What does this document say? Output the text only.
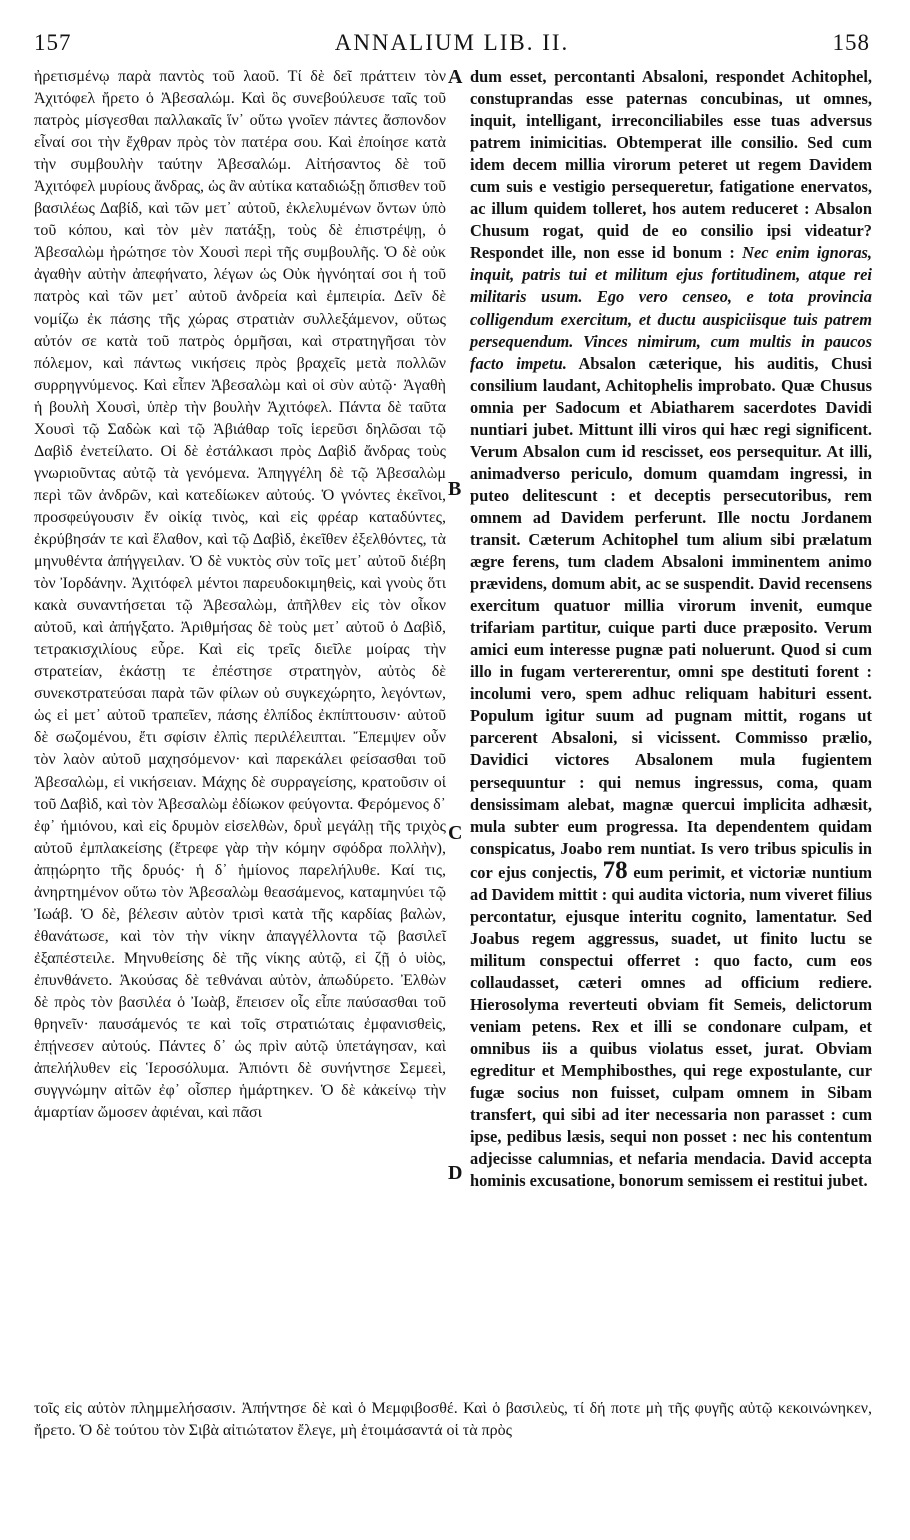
157	ANNALIUM LIB. II.	158

ἠρετισμένῳ παρὰ παντὸς τοῦ λαοῦ. Τί δὲ δεῖ πράττειν τὸν Ἀχιτόφελ ἤρετο ὁ Ἀβεσαλώμ. Καὶ ὃς συνεβούλευσε ταῖς τοῦ πατρὸς μίσγεσθαι παλλακαῖς ἵν᾽ οὕτω γνοῖεν πάντες ἄσπονδον εἶναί σοι τὴν ἔχθραν πρὸς τὸν πατέρα σου. Καὶ ἐποίησε κατὰ τὴν συμβουλὴν ταύτην Ἀβεσαλώμ. Αἰτήσαντος δὲ τοῦ Ἀχιτόφελ μυρίους ἄνδρας, ὡς ἂν αὐτίκα καταδιώξῃ ὄπισθεν τοῦ βασιλέως Δαβίδ, καὶ τῶν μετ᾽ αὐτοῦ, ἐκλελυμένων ὄντων ὑπὸ τοῦ κόπου, καὶ τὸν μὲν πατάξῃ, τοὺς δὲ ἐπιστρέψῃ, ὁ Ἀβεσαλὼμ ἠρώτησε τὸν Χουσὶ περὶ τῆς συμβουλῆς. Ὁ δὲ οὐκ ἀγαθὴν αὐτὴν ἀπεφήνατο, λέγων ὡς Οὐκ ἠγνόηταί σοι ἡ τοῦ πατρὸς καὶ τῶν μετ᾽ αὐτοῦ ἀνδρεία καὶ ἐμπειρία. Δεῖν δὲ νομίζω ἐκ πάσης τῆς χώρας στρατιὰν συλλεξάμενον, οὕτως αὐτόν σε κατὰ τοῦ πατρὸς ὁρμῆσαι, καὶ στρατηγῆσαι τὸν πόλεμον, καὶ πάντως νικήσεις πρὸς βραχεῖς μετὰ πολλῶν συρρηγνύμενος. Καὶ εἶπεν Ἀβεσαλὼμ καὶ οἱ σὺν αὐτῷ· Ἀγαθὴ ἡ βουλὴ Χουσὶ, ὑπὲρ τὴν βουλὴν Ἀχιτόφελ. Πάντα δὲ ταῦτα Χουσὶ τῷ Σαδὼκ καὶ τῷ Ἀβιάθαρ τοῖς ἱερεῦσι δηλῶσαι τῷ Δαβὶδ ἐνετείλατο. Οἱ δὲ ἐστάλκασι πρὸς Δαβὶδ ἄνδρας τοὺς γνωριοῦντας αὐτῷ τὰ γενόμενα. Ἀπηγγέλη δὲ τῷ Ἀβεσαλὼμ περὶ τῶν ἀνδρῶν, καὶ κατεδίωκεν αὐτούς. Ὁ γνόντες ἐκεῖνοι, προσφεύγουσιν ἔν οἰκίᾳ τινὸς, καὶ εἰς φρέαρ καταδύντες, ἐκρύβησάν τε καὶ ἔλαθον, καὶ τῷ Δαβὶδ, ἐκεῖθεν ἐξελθόντες, τὰ μηνυθέντα ἀπήγγειλαν. Ὁ δὲ νυκτὸς σὺν τοῖς μετ᾽ αὐτοῦ διέβη τὸν Ἰορδάνην. Ἀχιτόφελ μέντοι παρευδοκιμηθεὶς, καὶ γνοὺς ὅτι κακὰ συναντήσεται τῷ Ἀβεσαλὼμ, ἀπῆλθεν εἰς τὸν οἶκον αὐτοῦ, καὶ ἀπήγξατο. Ἀριθμήσας δὲ τοὺς μετ᾽ αὐτοῦ ὁ Δαβὶδ, τετρακισχιλίους εὗρε. Καὶ εἰς τρεῖς διεῖλε μοίρας τὴν στρατείαν, ἑκάστῃ τε ἐπέστησε στρατηγὸν, αὐτὸς δὲ συνεκστρατεύσαι παρὰ τῶν φίλων οὐ συγκεχώρητο, λεγόντων, ὡς εἰ μετ᾽ αὐτοῦ τραπεῖεν, πάσης ἐλπίδος ἐκπίπτουσιν· αὐτοῦ δὲ σωζομένου, ἔτι σφίσιν ἐλπὶς περιλέλειπται. Ἔπεμψεν οὖν τὸν λαὸν αὐτοῦ μαχησόμενον· καὶ παρεκάλει φείσασθαι τοῦ Ἀβεσαλὼμ, εἰ νικήσειαν. Μάχης δὲ συρραγείσης, κρατοῦσιν οἱ τοῦ Δαβὶδ, καὶ τὸν Ἀβεσαλὼμ ἐδίωκον φεύγοντα. Φερόμενος δ᾽ ἐφ᾽ ἡμιόνου, καὶ εἰς δρυμὸν εἰσελθὼν, δρυῒ μεγάλῃ τῆς τριχὸς αὐτοῦ ἐμπλακείσης (ἔτρεφε γὰρ τὴν κόμην σφόδρα πολλὴν), ἀπῃώρητο τῆς δρυός· ἡ δ᾽ ἡμίονος παρελήλυθε. Καί τις, ἀνηρτημένον οὕτω τὸν Ἀβεσαλὼμ θεασάμενος, καταμηνύει τῷ Ἰωάβ. Ὁ δὲ, βέλεσιν αὐτὸν τρισὶ κατὰ τῆς καρδίας βαλὼν, ἐθανάτωσε, καὶ τὸν τὴν νίκην ἀπαγγέλλοντα τῷ βασιλεῖ ἐξαπέστειλε. Μηνυθείσης δὲ τῆς νίκης αὐτῷ, εἰ ζῇ ὁ υἱὸς, ἐπυνθάνετο. Ἀκούσας δὲ τεθνάναι αὐτὸν, ἀπωδύρετο. Ἐλθὼν δὲ πρὸς τὸν βασιλέα ὁ Ἰωὰβ, ἔπεισεν οἷς εἶπε παύσασθαι τοῦ θρηνεῖν· παυσάμενός τε καὶ τοῖς στρατιώταις ἐμφανισθεὶς, ἐπῄνεσεν αὐτούς. Πάντες δ᾽ ὡς πρὶν αὐτῷ ὑπετάγησαν, καὶ ἀπελήλυθεν εἰς Ἱεροσόλυμα. Ἀπιόντι δὲ συνήντησε Σεμεεὶ, συγγνώμην αἰτῶν ἐφ᾽ οἷσπερ ἡμάρτηκεν. Ὁ δὲ κἀκείνῳ τὴν ἁμαρτίαν ὤμοσεν ἀφιέναι, καὶ πᾶσι

A
B
C
D

dum esset, percontanti Absaloni, respondet Achitophel, constuprandas esse paternas concubinas, ut omnes, inquit, intelligant, irreconciliabiles esse tuas adversus patrem inimicitias. Obtemperat ille consilio. Sed cum idem decem millia virorum peteret ut regem Davidem cum suis e vestigio persequeretur, fatigatione enervatos, ac illum quidem tolleret, hos autem reduceret : Absalon Chusum rogat, quid de eo consilio ipsi videatur? Respondet ille, non esse id bonum : Nec enim ignoras, inquit, patris tui et militum ejus fortitudinem, atque rei militaris usum. Ego vero censeo, e tota provincia colligendum exercitum, et ductu auspiciisque tuis patrem persequendum. Vinces nimirum, cum multis in paucos facto impetu. Absalon cæterique, his auditis, Chusi consilium laudant, Achitophelis improbato. Quæ Chusus omnia per Sadocum et Abiatharem sacerdotes Davidi nuntiari jubet. Mittunt illi viros qui hæc regi significent. Verum Absalon cum id rescisset, eos persequitur. At illi, animadverso periculo, domum quamdam ingressi, in puteo delitescunt : et deceptis persecutoribus, rem omnem ad Davidem perferunt. Ille noctu Jordanem transit. Cæterum Achitophel tum alium sibi prælatum ægre ferens, tum cladem Absaloni imminentem animo prævidens, domum abit, ac se suspendit. David recensens exercitum quatuor millia virorum invenit, eumque trifariam partitur, cuique parti duce præposito. Verum amici eum interesse pugnæ pati noluerunt. Quod si cum illo in fugam vertererentur, omni spe destituti forent : incolumi vero, spem adhuc reliquam habituri essent. Populum igitur suum ad pugnam mittit, rogans ut parcerent Absaloni, si vicissent. Commisso prælio, Davidici victores Absalonem mula fugientem persequuntur : qui nemus ingressus, coma, quam densissimam alebat, magnæ quercui implicita adhæsit, mula subter eum progressa. Ita dependentem quidam conspicatus, Joabo rem nuntiat. Is vero tribus spiculis in cor ejus conjectis, 78 eum perimit, et victoriæ nuntium ad Davidem mittit : qui audita victoria, num viveret filius percontatur, ejusque interitu cognito, lamentatur. Sed Joabus regem aggressus, suadet, ut finito luctu se militum conspectui offerret : quo facto, cum eos collaudasset, cæteri omnes ad officium rediere. Hierosolyma reverteuti obviam fit Semeis, delictorum veniam petens. Rex et illi se condonare culpam, et omnibus iis a quibus violatus esset, jurat. Obviam egreditur et Memphibosthes, qui rege expostulante, cur fugæ socius non fuisset, culpam omnem in Sibam transfert, qui sibi ad iter necessaria non parasset : cum ipse, pedibus læsis, sequi non posset : nec his contentum adjecisse calumnias, et nefaria mendacia. David accepta hominis excusatione, bonorum semissem ei restitui jubet.

τοῖς εἰς αὐτὸν πλημμελήσασιν. Ἀπήντησε δὲ καὶ ὁ Μεμφιβοσθέ. Καὶ ὁ βασιλεὺς, τί δή ποτε μὴ τῆς φυγῆς αὐτῷ κεκοινώνηκεν, ἤρετο. Ὁ δὲ τούτου τὸν Σιβὰ αἰτιώτατον ἔλεγε, μὴ ἑτοιμάσαντά οἱ τὰ πρὸς
